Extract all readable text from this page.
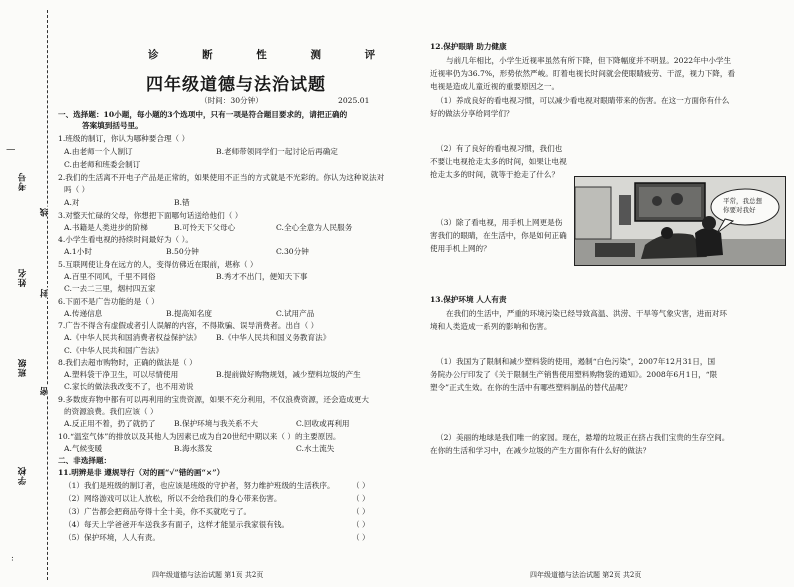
|
‥
考号
姓名
班级
学校
线
封
密
诊 断 性 测 评
四年级道德与法治试题
（时间：30分钟）	2025.01
一、选择题：10小题，每小题的3个选项中，只有一项是符合题目要求的，请把正确的
答案填到括号里。
1.班级的制订，你认为哪种要合理（ ）
A.由老师一个人制订	B.老师带领同学们一起讨论后再确定
C.由老师和班委会制订
2.我们的生活离不开电子产品是正常的，如果使用不正当的方式就是不光彩的。你认为这种说法对
吗（ ）
A.对	B.错
3.对整天忙碌的父母，你想把下面哪句话送给他们（ ）
A.书籍是人类进步的阶梯	B.可怜天下父母心	C.全心全意为人民服务
4.小学生看电视的持续时间最好为（ ）。
A.1小时	B.50分钟	C.30分钟
5.互联网使让身在远方的人，变得仿佛近在眼前，堪称（ ）
A.百里不同风，千里不同俗	B.秀才不出门，便知天下事
C.一去二三里，烟村四五家
6.下面不是广告功能的是（ ）
A.传递信息	B.提高知名度	C.试用产品
7.广告不得含有虚假或者引人误解的内容，不得欺骗、误导消费者。出自（ ）
A.《中华人民共和国消费者权益保护法》 B.《中华人民共和国义务教育法》
C.《中华人民共和国广告法》
8.我们去超市购物时，正确的做法是（ ）
A.塑料袋干净卫生，可以尽情使用	B.提前做好购物规划，减少塑料垃圾的产生
C.家长的做法我改变不了，也不用劝说
9.多数废弃物中都有可以再利用的宝贵资源，如果不充分利用，不仅浪费资源，还会造成更大
的资源浪费。我们应该（ ）
A.反正用不着，扔了就扔了 B.保护环境与我关系不大	C.回收或再利用
10.“温室气体”的排放以及其他人为因素已成为自20世纪中期以来（ ）的主要原因。
A.气候变暖	B.海水蒸发	C.水土流失
二、非选择题：
11.明辨是非 遵规导行（对的画“√”错的画“×”）
（1）我们是班级的制订者，也应该是班级的守护者，努力维护班级的生活秩序。 （ ）
（2）网络游戏可以让人放松，所以不会给我们的身心带来伤害。	（ ）
（3）广告都会把商品夸得十全十美，你不买就吃亏了。	（ ）
（4）每天上学爸爸开车送我多有面子，这样才能显示我家很有钱。	（ ）
（5）保护环境，人人有责。	（ ）
四年级道德与法治试题 第1页 共2页
12.保护眼睛 助力健康
与前几年相比，小学生近视率虽然有所下降，但下降幅度并不明显。2022年中小学生
近视率仍为36.7%，形势依然严峻。盯着电视长时间就会使眼睛疲劳、干涩，视力下降，看
电视是造成儿童近视的重要原因之一。
（1）养成良好的看电视习惯，可以减少看电视对眼睛带来的伤害。在这一方面你有什么
好的做法分享给同学们？
（2）有了良好的看电视习惯，我们也
不要让电视抢走太多的时间，如果让电视
抢走太多的时间，就等于抢走了什么？
平常，我总想
你要对我好
（3）除了看电视，用手机上网更是伤
害我们的眼睛，在生活中，你是如何正确
使用手机上网的？
13.保护环境 人人有责
在我们的生活中，严重的环境污染已经导致高温、洪涝、干旱等气象灾害，进而对环
境和人类造成一系列的影响和伤害。
（1）我国为了限制和减少塑料袋的使用，遏制“白色污染”，2007年12月31日，国
务院办公厅印发了《关于限制生产销售使用塑料购物袋的通知》。2008年6月1日，“限
塑令”正式生效。在你的生活中有哪些塑料制品的替代品呢？
（2）美丽的地球是我们唯一的家园。现在，悬增的垃圾正在挤占我们宝贵的生存空间。
在你的生活和学习中，在减少垃圾的产生方面你有什么好的做法？
四年级道德与法治试题 第2页 共2页
